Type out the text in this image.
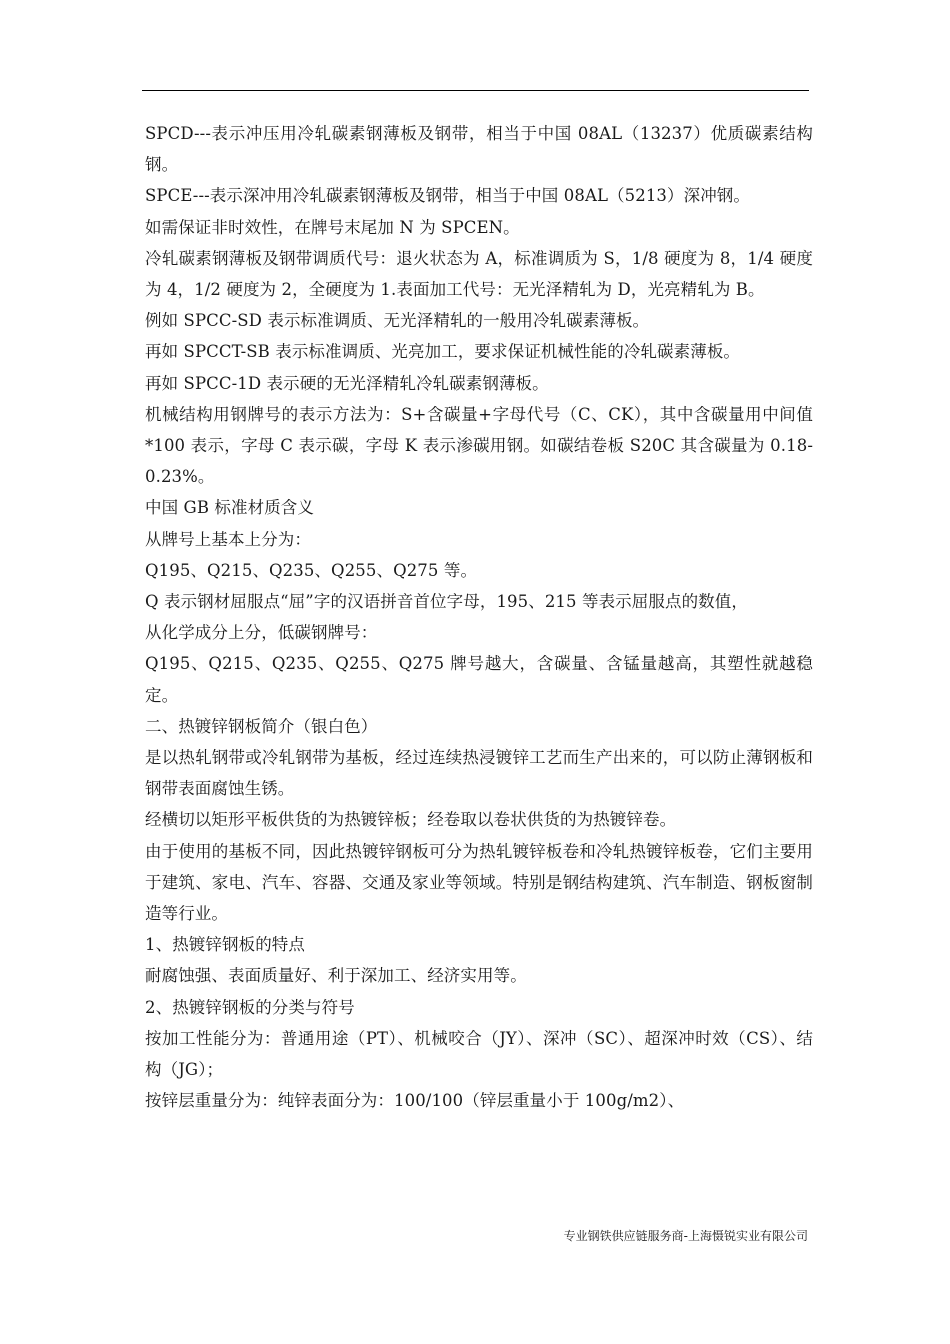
SPCD---表示冲压用冷轧碳素钢薄板及钢带，相当于中国 08AL（13237）优质碳素结构钢。

SPCE---表示深冲用冷轧碳素钢薄板及钢带，相当于中国 08AL（5213）深冲钢。

如需保证非时效性，在牌号末尾加 N 为 SPCEN。

冷轧碳素钢薄板及钢带调质代号：退火状态为 A，标准调质为 S，1/8 硬度为 8，1/4 硬度为 4，1/2 硬度为 2，全硬度为 1.表面加工代号：无光泽精轧为 D，光亮精轧为 B。

例如 SPCC-SD 表示标准调质、无光泽精轧的一般用冷轧碳素薄板。

再如 SPCCT-SB 表示标准调质、光亮加工，要求保证机械性能的冷轧碳素薄板。

再如 SPCC-1D 表示硬的无光泽精轧冷轧碳素钢薄板。

机械结构用钢牌号的表示方法为：S+含碳量+字母代号（C、CK），其中含碳量用中间值*100 表示，字母 C 表示碳，字母 K 表示渗碳用钢。如碳结卷板 S20C 其含碳量为 0.18-0.23%。

中国 GB 标准材质含义

从牌号上基本上分为：

Q195、Q215、Q235、Q255、Q275 等。

Q 表示钢材屈服点“屈”字的汉语拼音首位字母，195、215 等表示屈服点的数值，

从化学成分上分，低碳钢牌号：

Q195、Q215、Q235、Q255、Q275 牌号越大，含碳量、含锰量越高，其塑性就越稳定。

二、热镀锌钢板简介（银白色）

是以热轧钢带或冷轧钢带为基板，经过连续热浸镀锌工艺而生产出来的，可以防止薄钢板和钢带表面腐蚀生锈。

经横切以矩形平板供货的为热镀锌板；经卷取以卷状供货的为热镀锌卷。

由于使用的基板不同，因此热镀锌钢板可分为热轧镀锌板卷和冷轧热镀锌板卷，它们主要用于建筑、家电、汽车、容器、交通及家业等领域。特别是钢结构建筑、汽车制造、钢板窗制造等行业。

1、热镀锌钢板的特点

耐腐蚀强、表面质量好、利于深加工、经济实用等。

2、热镀锌钢板的分类与符号

按加工性能分为：普通用途（PT）、机械咬合（JY）、深冲（SC）、超深冲时效（CS）、结构（JG）；

按锌层重量分为：纯锌表面分为：100/100（锌层重量小于 100g/m2）、

专业钢铁供应链服务商-上海慑锐实业有限公司
